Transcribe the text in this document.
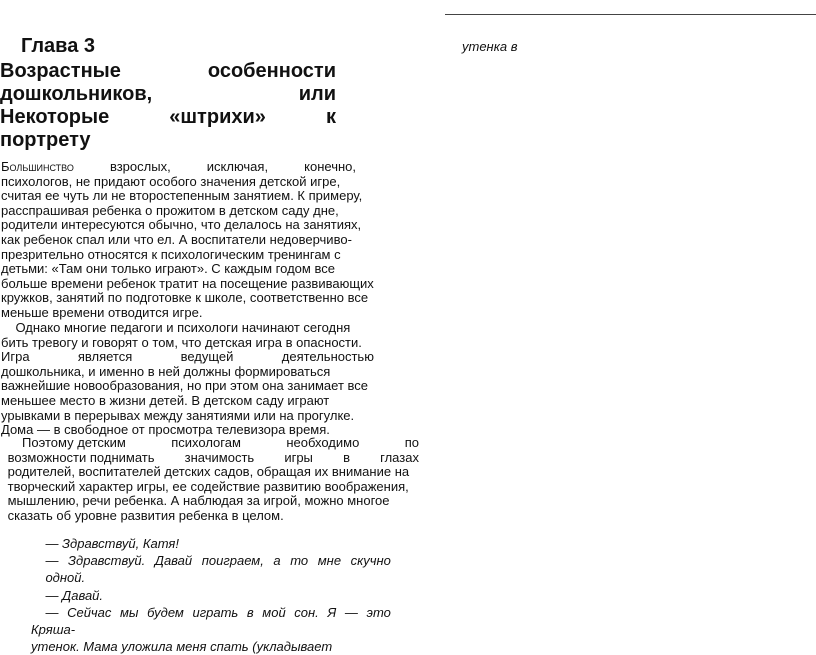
утенка в
Глава 3
Возрастные	особенности
дошкольников,	или
Некоторые	«штрихи»	к
портрету
Большинство	взрослых,	исключая,	конечно,
психологов, не придают особого значения детской игре,
считая ее чуть ли не второстепенным занятием. К примеру,
расспрашивая ребенка о прожитом в детском саду дне,
родители интересуются обычно, что делалось на занятиях,
как ребенок спал или что ел. А воспитатели недоверчиво-
презрительно относятся к психологическим тренингам с
детьми: «Там они только играют». С каждым годом все
больше времени ребенок тратит на посещение развивающих
кружков, занятий по подготовке к школе, соответственно все
меньше времени отводится игре.
Однако многие педагоги и психологи начинают сегодня
бить тревогу и говорят о том, что детская игра в опасности.
Игра	является	ведущей	деятельностью
дошкольника, и именно в ней должны формироваться
важнейшие новообразования, но при этом она занимает все
меньшее место в жизни детей. В детском саду играют
урывками в перерывах между занятиями или на прогулке.
Дома — в свободное от просмотра телевизора время.
Поэтому детским	психологам	необходимо	по
возможности поднимать значимость игры в глазах
родителей, воспитателей детских садов, обращая их внимание на
творческий характер игры, ее содействие развитию воображения,
мышлению, речи ребенка. А наблюдая за игрой, можно многое
сказать об уровне развития ребенка в целом.
— Здравствуй, Катя!
— Здравствуй. Давай поиграем, а то мне скучно
одной.
— Давай.
— Сейчас мы будем играть в мой сон. Я — это
Кряша-
утенок. Мама уложила меня спать (укладывает
